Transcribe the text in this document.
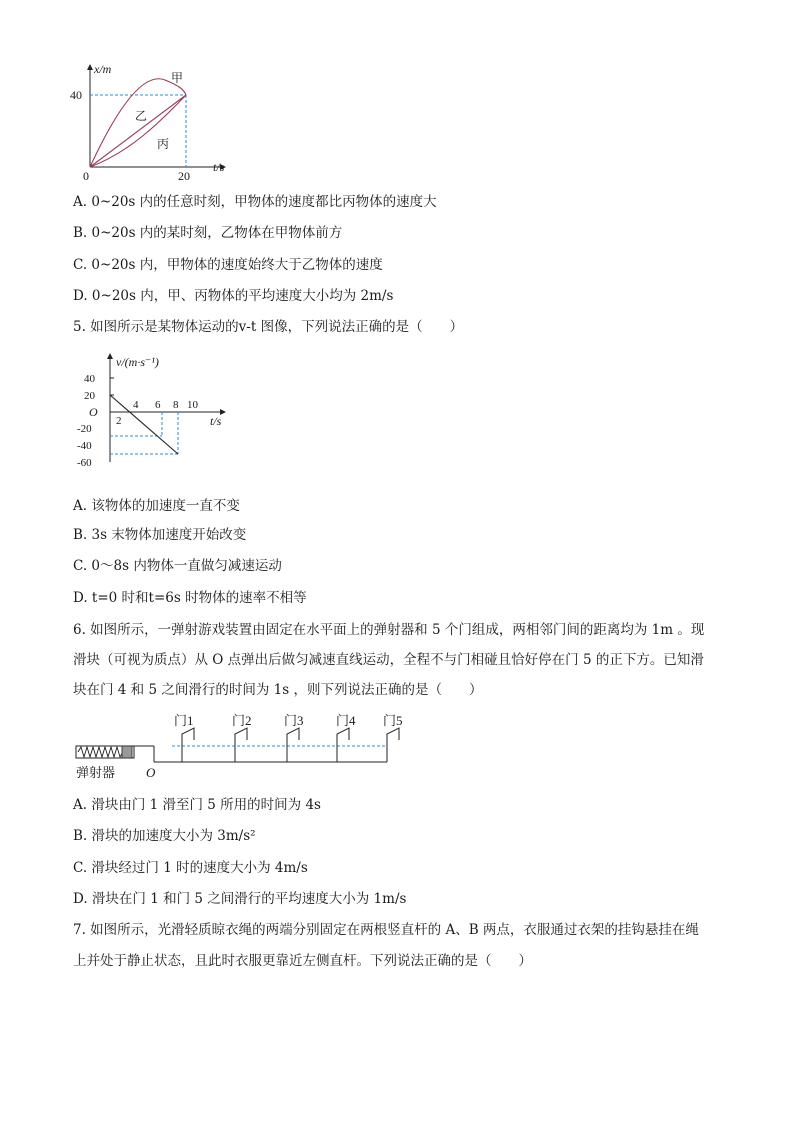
x/m
t/s
0
40
20
甲
乙
丙
A. 0~20s 内的任意时刻，甲物体的速度都比丙物体的速度大
B. 0~20s 内的某时刻，乙物体在甲物体前方
C. 0~20s 内，甲物体的速度始终大于乙物体的速度
D. 0~20s 内，甲、丙物体的平均速度大小均为 2m/s
5. 如图所示是某物体运动的v-t 图像，下列说法正确的是（　　）
v/(m·s⁻¹)
t/s
O
40
20
-20
-40
-60
2
4 6 8 10
A. 该物体的加速度一直不变
B. 3s 末物体加速度开始改变
C. 0～8s 内物体一直做匀减速运动
D. t=0 时和t=6s 时物体的速率不相等
6. 如图所示，一弹射游戏装置由固定在水平面上的弹射器和 5 个门组成，两相邻门间的距离均为 1m 。现
滑块（可视为质点）从 O 点弹出后做匀减速直线运动，全程不与门相碰且恰好停在门 5 的正下方。已知滑
块在门 4 和 5 之间滑行的时间为 1s ，则下列说法正确的是（　　）
门1	门2 门3 门4 门5
弹射器 O
A. 滑块由门 1 滑至门 5 所用的时间为 4s
B. 滑块的加速度大小为 3m/s²
C. 滑块经过门 1 时的速度大小为 4m/s
D. 滑块在门 1 和门 5 之间滑行的平均速度大小为 1m/s
7. 如图所示，光滑轻质晾衣绳的两端分别固定在两根竖直杆的 A、B 两点，衣服通过衣架的挂钩悬挂在绳
上并处于静止状态，且此时衣服更靠近左侧直杆。下列说法正确的是（　　）
